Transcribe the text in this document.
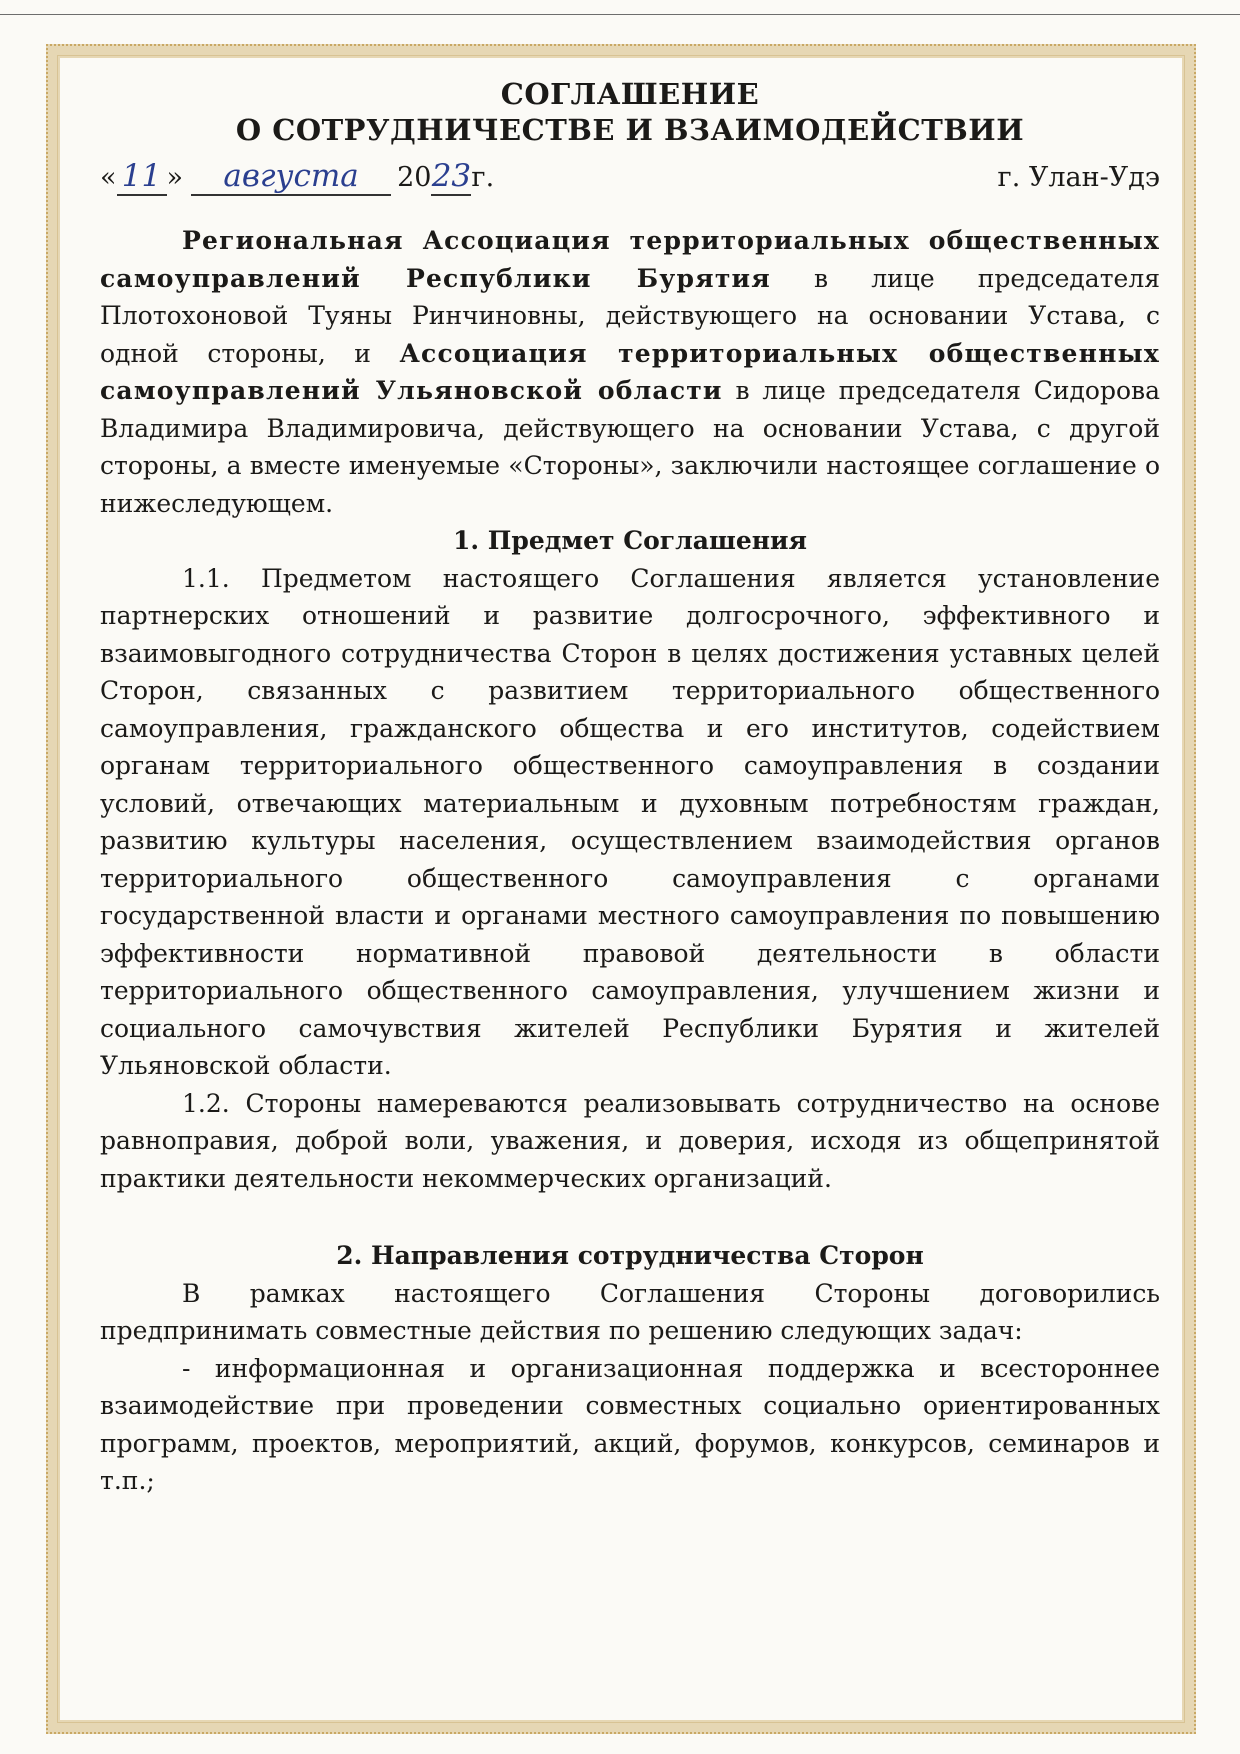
СОГЛАШЕНИЕ
О СОТРУДНИЧЕСТВЕ И ВЗАИМОДЕЙСТВИИ
« 11 » августа 2023г.	г. Улан-Удэ

Региональная Ассоциация территориальных общественных самоуправлений Республики Бурятия в лице председателя Плотохоновой Туяны Ринчиновны, действующего на основании Устава, с одной стороны, и Ассоциация территориальных общественных самоуправлений Ульяновской области в лице председателя Сидорова Владимира Владимировича, действующего на основании Устава, с другой стороны, а вместе именуемые «Стороны», заключили настоящее соглашение о нижеследующем.

1. Предмет Соглашения

1.1. Предметом настоящего Соглашения является установление партнерских отношений и развитие долгосрочного, эффективного и взаимовыгодного сотрудничества Сторон в целях достижения уставных целей Сторон, связанных с развитием территориального общественного самоуправления, гражданского общества и его институтов, содействием органам территориального общественного самоуправления в создании условий, отвечающих материальным и духовным потребностям граждан, развитию культуры населения, осуществлением взаимодействия органов территориального общественного самоуправления с органами государственной власти и органами местного самоуправления по повышению эффективности нормативной правовой деятельности в области территориального общественного самоуправления, улучшением жизни и социального самочувствия жителей Республики Бурятия и жителей Ульяновской области.

1.2. Стороны намереваются реализовывать сотрудничество на основе равноправия, доброй воли, уважения, и доверия, исходя из общепринятой практики деятельности некоммерческих организаций.

2. Направления сотрудничества Сторон

В рамках настоящего Соглашения Стороны договорились предпринимать совместные действия по решению следующих задач:

- информационная и организационная поддержка и всестороннее взаимодействие при проведении совместных социально ориентированных программ, проектов, мероприятий, акций, форумов, конкурсов, семинаров и т.п.;
